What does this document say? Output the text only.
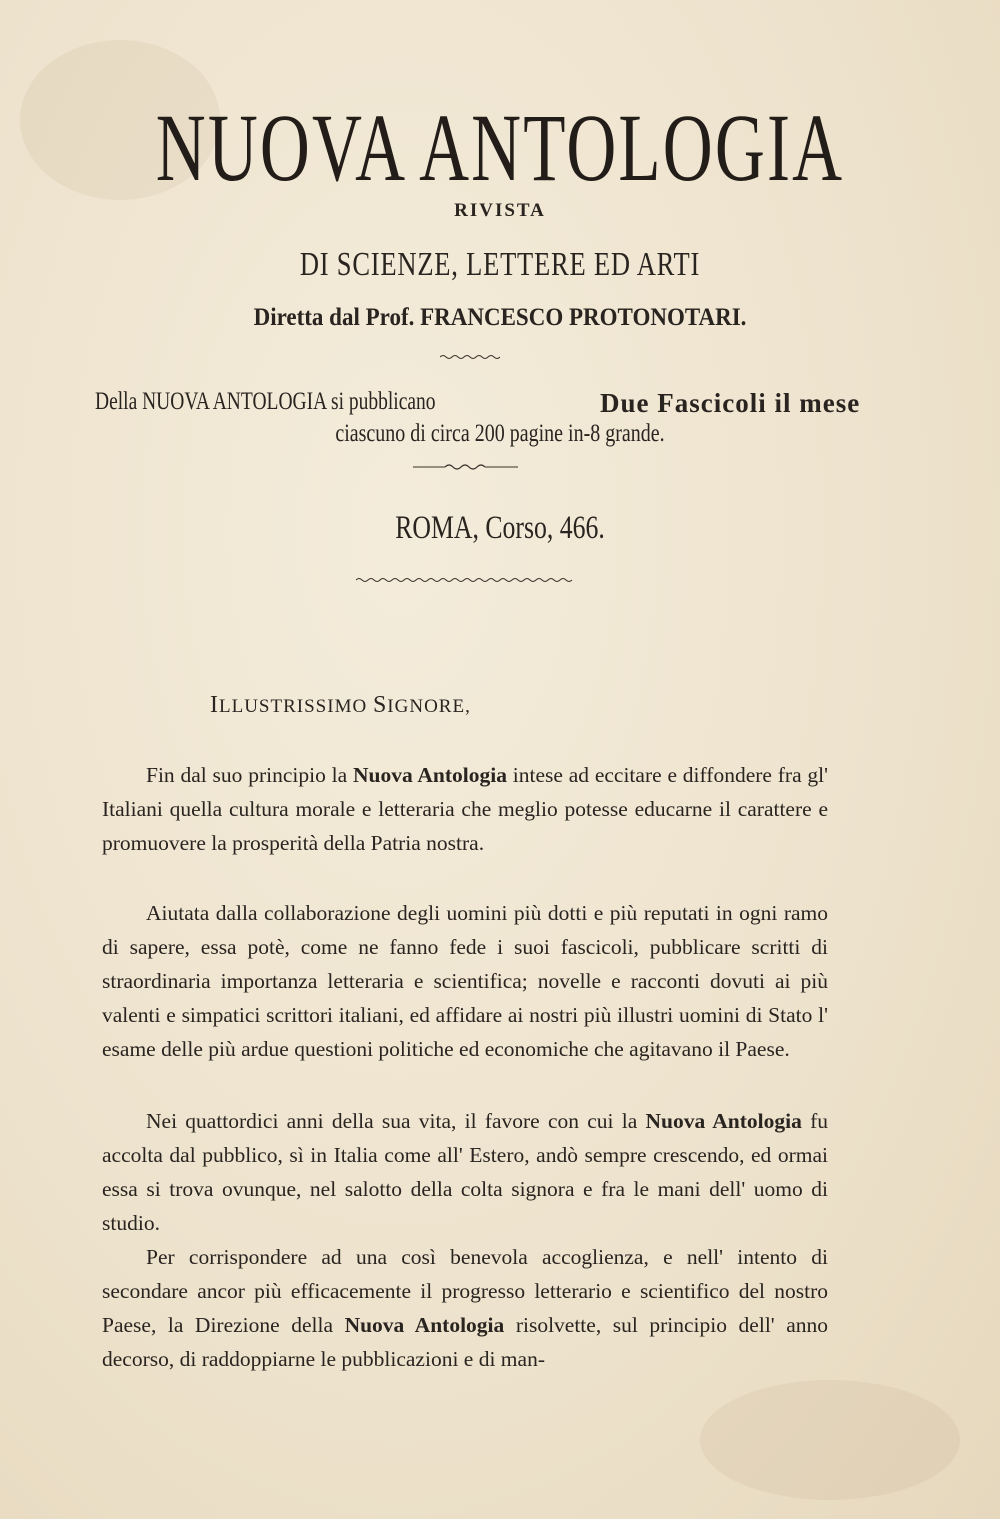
NUOVA ANTOLOGIA
RIVISTA
DI SCIENZE, LETTERE ED ARTI
Diretta dal Prof. FRANCESCO PROTONOTARI.
Della NUOVA ANTOLOGIA si pubblicano	Due Fascicoli il mese
ciascuno di circa 200 pagine in-8 grande.
ROMA, Corso, 466.
ILLUSTRISSIMO SIGNORE,

Fin dal suo principio la Nuova Antologia intese ad eccitare e diffondere fra gl' Italiani quella cultura morale e letteraria che meglio potesse educarne il carattere e promuovere la prosperità della Patria nostra.

Aiutata dalla collaborazione degli uomini più dotti e più reputati in ogni ramo di sapere, essa potè, come ne fanno fede i suoi fascicoli, pubblicare scritti di straordinaria importanza letteraria e scientifica; novelle e racconti dovuti ai più valenti e simpatici scrittori italiani, ed affidare ai nostri più illustri uomini di Stato l' esame delle più ardue questioni politiche ed economiche che agitavano il Paese.

Nei quattordici anni della sua vita, il favore con cui la Nuova Antologia fu accolta dal pubblico, sì in Italia come all' Estero, andò sempre crescendo, ed ormai essa si trova ovunque, nel salotto della colta signora e fra le mani dell' uomo di studio.

Per corrispondere ad una così benevola accoglienza, e nell' intento di secondare ancor più efficacemente il progresso letterario e scientifico del nostro Paese, la Direzione della Nuova Antologia risolvette, sul principio dell' anno decorso, di raddoppiarne le pubblicazioni e di man-
